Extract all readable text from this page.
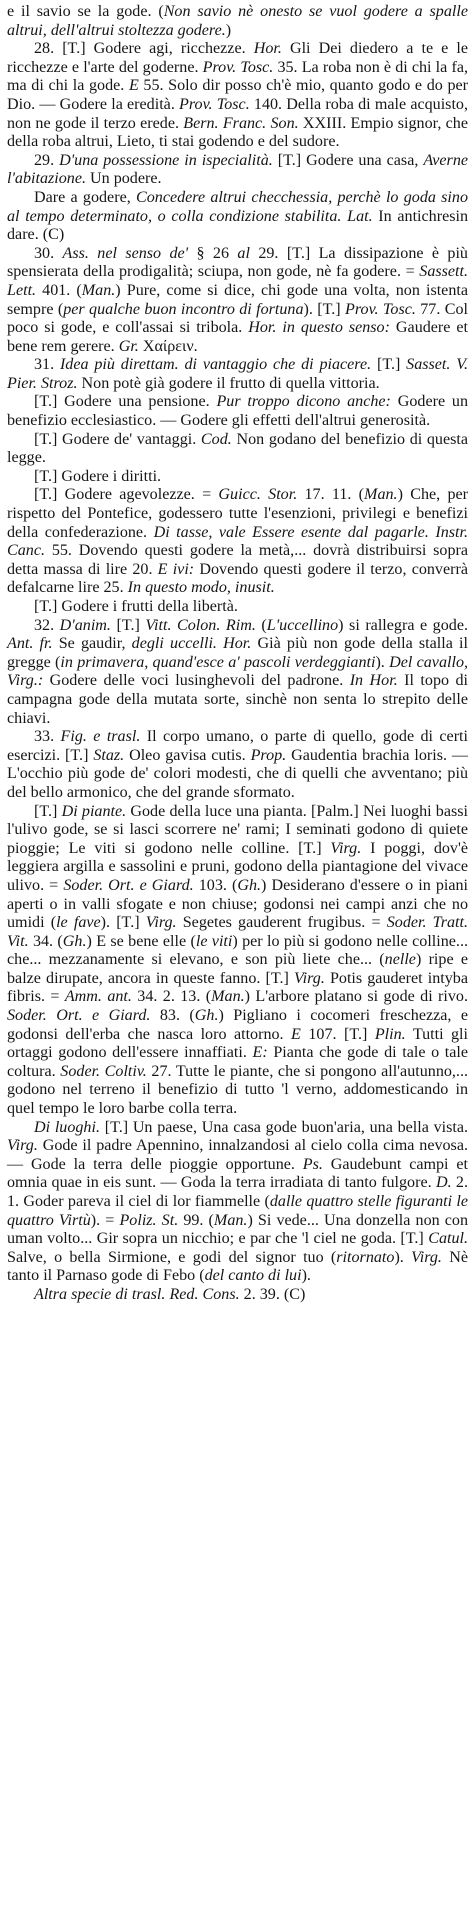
e il savio se la gode. (Non savio nè onesto se vuol godere a spalle altrui, dell'altrui stoltezza godere.)

28. [T.] Godere agi, ricchezze. Hor. Gli Dei diedero a te e le ricchezze e l'arte del goderne. Prov. Tosc. 35. La roba non è di chi la fa, ma di chi la gode. E 55. Solo dir posso ch'è mio, quanto godo e do per Dio. — Godere la eredità. Prov. Tosc. 140. Della roba di male acquisto, non ne gode il terzo erede. Bern. Franc. Son. XXIII. Empio signor, che della roba altrui, Lieto, ti stai godendo e del sudore.

29. D'una possessione in ispecialità. [T.] Godere una casa, Averne l'abitazione. Un podere.

Dare a godere, Concedere altrui checchessia, perchè lo goda sino al tempo determinato, o colla condizione stabilita. Lat. In antichresin dare. (C)

30. Ass. nel senso de' § 26 al 29. [T.] La dissipazione è più spensierata della prodigalità; sciupa, non gode, nè fa godere. = Sassett. Lett. 401. (Man.) Pure, come si dice, chi gode una volta, non istenta sempre (per qualche buon incontro di fortuna). [T.] Prov. Tosc. 77. Col poco si gode, e coll'assai si tribola. Hor. in questo senso: Gaudere et bene rem gerere. Gr. Χαίρειν.

31. Idea più direttam. di vantaggio che di piacere. [T.] Sasset. V. Pier. Stroz. Non potè già godere il frutto di quella vittoria.

[T.] Godere una pensione. Pur troppo dicono anche: Godere un benefizio ecclesiastico. — Godere gli effetti dell'altrui generosità.

[T.] Godere de' vantaggi. Cod. Non godano del benefizio di questa legge.

[T.] Godere i diritti.

[T.] Godere agevolezze. = Guicc. Stor. 17. 11. (Man.) Che, per rispetto del Pontefice, godessero tutte l'esenzioni, privilegi e benefizi della confederazione. Di tasse, vale Essere esente dal pagarle. Instr. Canc. 55. Dovendo questi godere la metà,... dovrà distribuirsi sopra detta massa di lire 20. E ivi: Dovendo questi godere il terzo, converrà defalcarne lire 25. In questo modo, inusit.

[T.] Godere i frutti della libertà.

32. D'anim. [T.] Vitt. Colon. Rim. (L'uccellino) si rallegra e gode. Ant. fr. Se gaudir, degli uccelli. Hor. Già più non gode della stalla il gregge (in primavera, quand'esce a' pascoli verdeggianti). Del cavallo, Virg.: Godere delle voci lusinghevoli del padrone. In Hor. Il topo di campagna gode della mutata sorte, sinchè non senta lo strepito delle chiavi.

33. Fig. e trasl. Il corpo umano, o parte di quello, gode di certi esercizi. [T.] Staz. Oleo gavisa cutis. Prop. Gaudentia brachia loris. — L'occhio più gode de' colori modesti, che di quelli che avventano; più del bello armonico, che del grande sformato.

[T.] Di piante. Gode della luce una pianta. [Palm.] Nei luoghi bassi l'ulivo gode, se si lasci scorrere ne' rami; I seminati godono di quiete pioggie; Le viti si godono nelle colline. [T.] Virg. I poggi, dov'è leggiera argilla e sassolini e pruni, godono della piantagione del vivace ulivo. = Soder. Ort. e Giard. 103. (Gh.) Desiderano d'essere o in piani aperti o in valli sfogate e non chiuse; godonsi nei campi anzi che no umidi (le fave). [T.] Virg. Segetes gauderent frugibus. = Soder. Tratt. Vit. 34. (Gh.) E se bene elle (le viti) per lo più si godono nelle colline... che... mezzanamente si elevano, e son più liete che... (nelle) ripe e balze dirupate, ancora in queste fanno. [T.] Virg. Potis gauderet intyba fibris. = Amm. ant. 34. 2. 13. (Man.) L'arbore platano si gode di rivo. Soder. Ort. e Giard. 83. (Gh.) Pigliano i cocomeri freschezza, e godonsi dell'erba che nasca loro attorno. E 107. [T.] Plin. Tutti gli ortaggi godono dell'essere innaffiati. E: Pianta che gode di tale o tale coltura. Soder. Coltiv. 27. Tutte le piante, che si pongono all'autunno,... godono nel terreno il benefizio di tutto 'l verno, addomesticando in quel tempo le loro barbe colla terra.

Di luoghi. [T.] Un paese, Una casa gode buon'aria, una bella vista. Virg. Gode il padre Apennino, innalzandosi al cielo colla cima nevosa. — Gode la terra delle pioggie opportune. Ps. Gaudebunt campi et omnia quae in eis sunt. — Goda la terra irradiata di tanto fulgore. D. 2. 1. Goder pareva il ciel di lor fiammelle (dalle quattro stelle figuranti le quattro Virtù). = Poliz. St. 99. (Man.) Si vede... Una donzella non con uman volto... Gir sopra un nicchio; e par che 'l ciel ne goda. [T.] Catul. Salve, o bella Sirmione, e godi del signor tuo (ritornato). Virg. Nè tanto il Parnaso gode di Febo (del canto di lui).

Altra specie di trasl. Red. Cons. 2. 39. (C)
